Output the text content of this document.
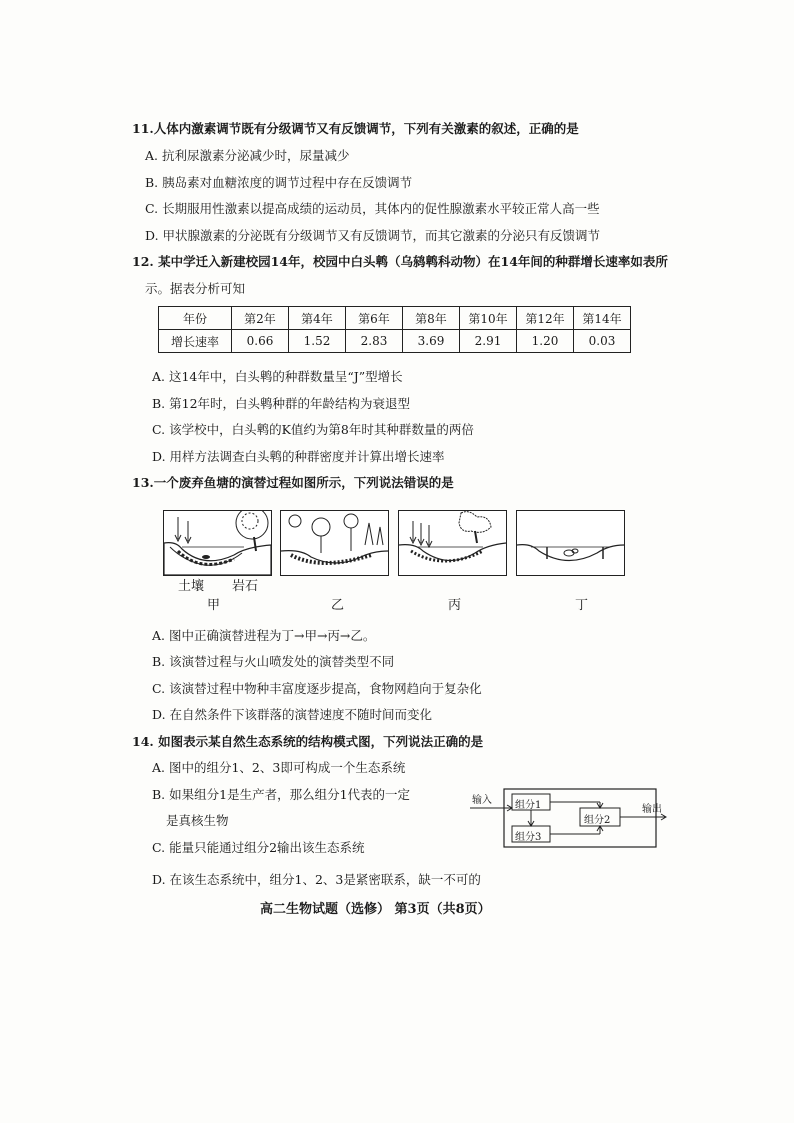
11.人体内激素调节既有分级调节又有反馈调节，下列有关激素的叙述，正确的是
A. 抗利尿激素分泌减少时，尿量减少
B. 胰岛素对血糖浓度的调节过程中存在反馈调节
C. 长期服用性激素以提高成绩的运动员，其体内的促性腺激素水平较正常人高一些
D. 甲状腺激素的分泌既有分级调节又有反馈调节，而其它激素的分泌只有反馈调节
12. 某中学迁入新建校园14年，校园中白头鹎（乌鸫鹎科动物）在14年间的种群增长速率如表所
示。据表分析可知
年份	第2年	第4年	第6年	第8年	第10年	第12年	第14年
增长速率	0.66	1.52	2.83	3.69	2.91	1.20	0.03
A. 这14年中，白头鹎的种群数量呈“J”型增长
B. 第12年时，白头鹎种群的年龄结构为衰退型
C. 该学校中，白头鹎的K值约为第8年时其种群数量的两倍
D. 用样方法调查白头鹎的种群密度并计算出增长速率
13.一个废弃鱼塘的演替过程如图所示，下列说法错误的是
土壤 岩石
甲	乙	丙	丁
A. 图中正确演替进程为丁→甲→丙→乙。
B. 该演替过程与火山喷发处的演替类型不同
C. 该演替过程中物种丰富度逐步提高，食物网趋向于复杂化
D. 在自然条件下该群落的演替速度不随时间而变化
14. 如图表示某自然生态系统的结构模式图，下列说法正确的是
A. 图中的组分1、2、3即可构成一个生态系统
B. 如果组分1是生产者，那么组分1代表的一定
是真核生物
C. 能量只能通过组分2输出该生态系统
D. 在该生态系统中，组分1、2、3是紧密联系，缺一不可的
输入
输出
组分1
组分3
组分2
高二生物试题（选修） 第3页（共8页）
